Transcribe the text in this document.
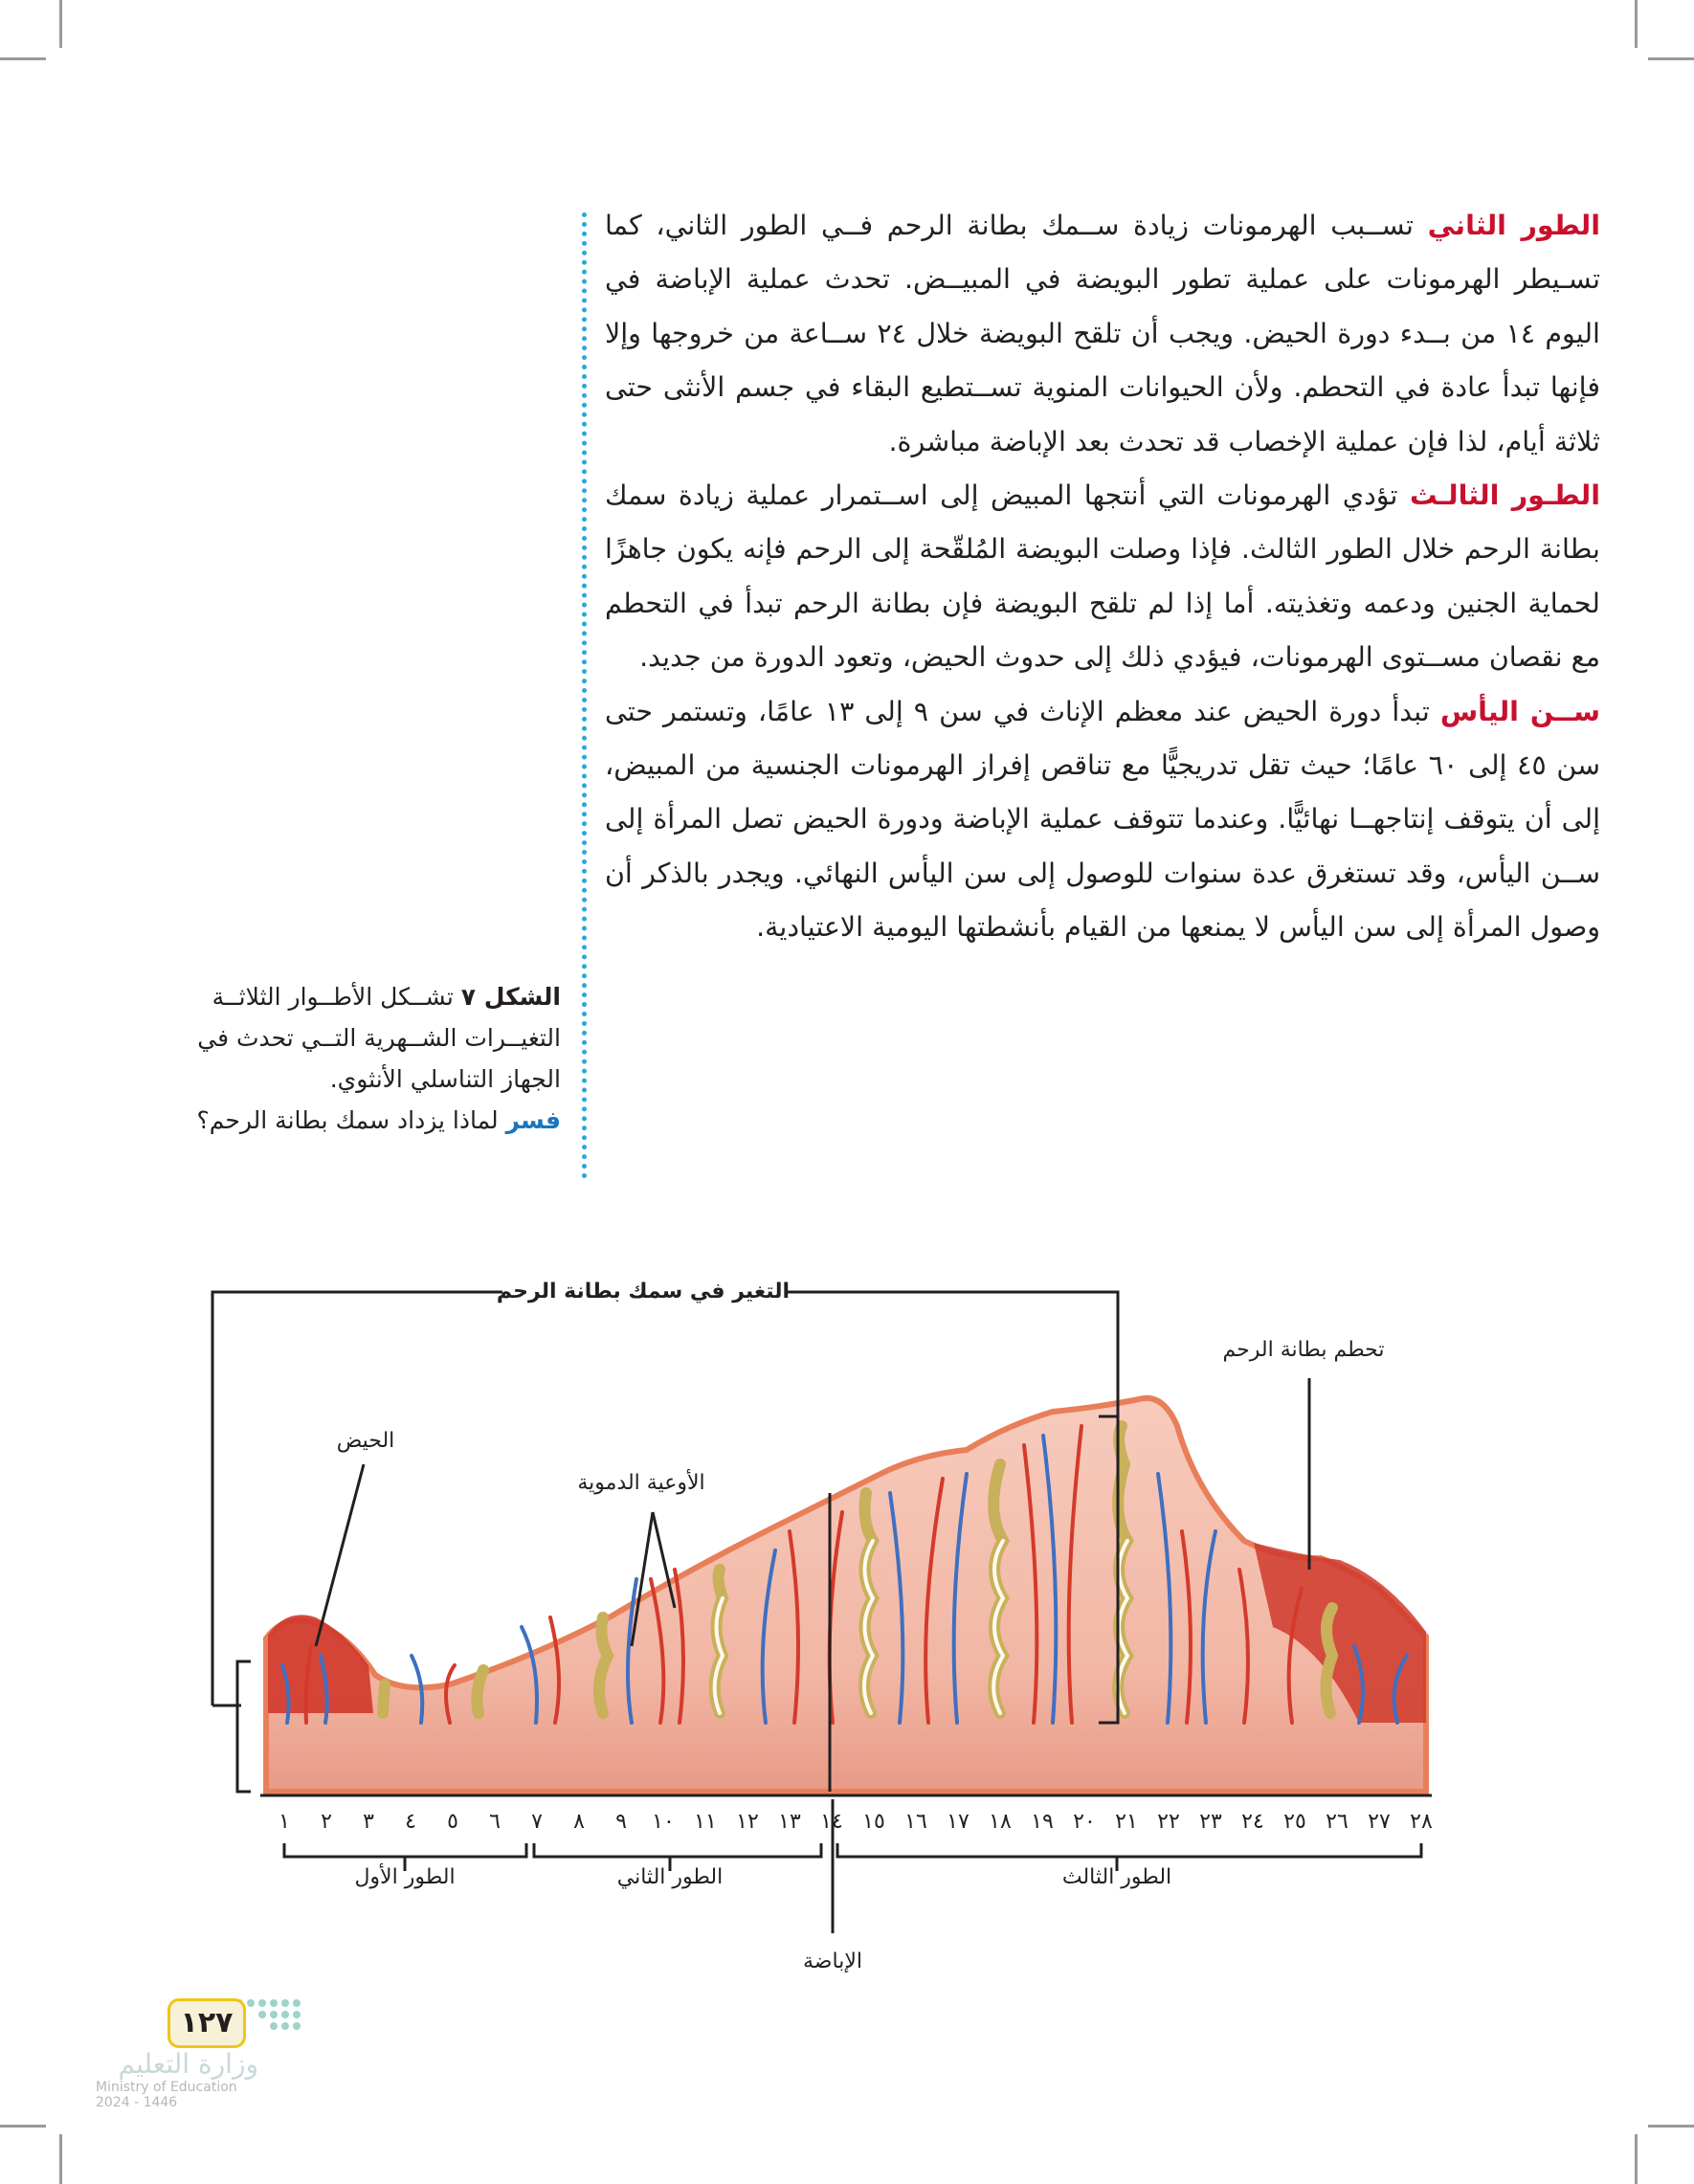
الطور الثاني تســبب الهرمونات زيادة ســمك بطانة الرحم فــي الطور الثاني، كما تسـيطر الهرمونات على عملية تطور البويضة في المبيــض. تحدث عملية الإباضة في اليوم ١٤ من بــدء دورة الحيض. ويجب أن تلقح البويضة خلال ٢٤ ســاعة من خروجها وإلا فإنها تبدأ عادة في التحطم. ولأن الحيوانات المنوية تســتطيع البقاء في جسم الأنثى حتى ثلاثة أيام، لذا فإن عملية الإخصاب قد تحدث بعد الإباضة مباشرة.

الطـور الثالـث تؤدي الهرمونات التي أنتجها المبيض إلى اســتمرار عملية زيادة سمك بطانة الرحم خلال الطور الثالث. فإذا وصلت البويضة المُلقّحة إلى الرحم فإنه يكون جاهزًا لحماية الجنين ودعمه وتغذيته. أما إذا لم تلقح البويضة فإن بطانة الرحم تبدأ في التحطم مع نقصان مســتوى الهرمونات، فيؤدي ذلك إلى حدوث الحيض، وتعود الدورة من جديد.

ســن اليأس تبدأ دورة الحيض عند معظم الإناث في سن ٩ إلى ١٣ عامًا، وتستمر حتى سن ٤٥ إلى ٦٠ عامًا؛ حيث تقل تدريجيًّا مع تناقص إفراز الهرمونات الجنسية من المبيض، إلى أن يتوقف إنتاجهــا نهائيًّا. وعندما تتوقف عملية الإباضة ودورة الحيض تصل المرأة إلى ســن اليأس، وقد تستغرق عدة سنوات للوصول إلى سن اليأس النهائي. ويجدر بالذكر أن وصول المرأة إلى سن اليأس لا يمنعها من القيام بأنشطتها اليومية الاعتيادية.

الشكل ٧ تشــكل الأطــوار الثلاثــة التغيــرات الشــهرية التــي تحدث في الجهاز التناسلي الأنثوي.
فسر لماذا يزداد سمك بطانة الرحم؟
التغير في سمك بطانة الرحم
الإباضة
الحيض
الأوعية الدموية
تحطم بطانة الرحم
١ ٢ ٣ ٤ ٥ ٦ ٧ ٨ ٩ ١٠ ١١ ١٢ ١٣ ١٤ ١٥ ١٦ ١٧ ١٨ ١٩ ٢٠ ٢١ ٢٢ ٢٣ ٢٤ ٢٥ ٢٦ ٢٧ ٢٨
الطور الأول	الطور الثاني	الطور الثالث
١٢٧
وزارة التعليم
Ministry of Education
2024 - 1446
